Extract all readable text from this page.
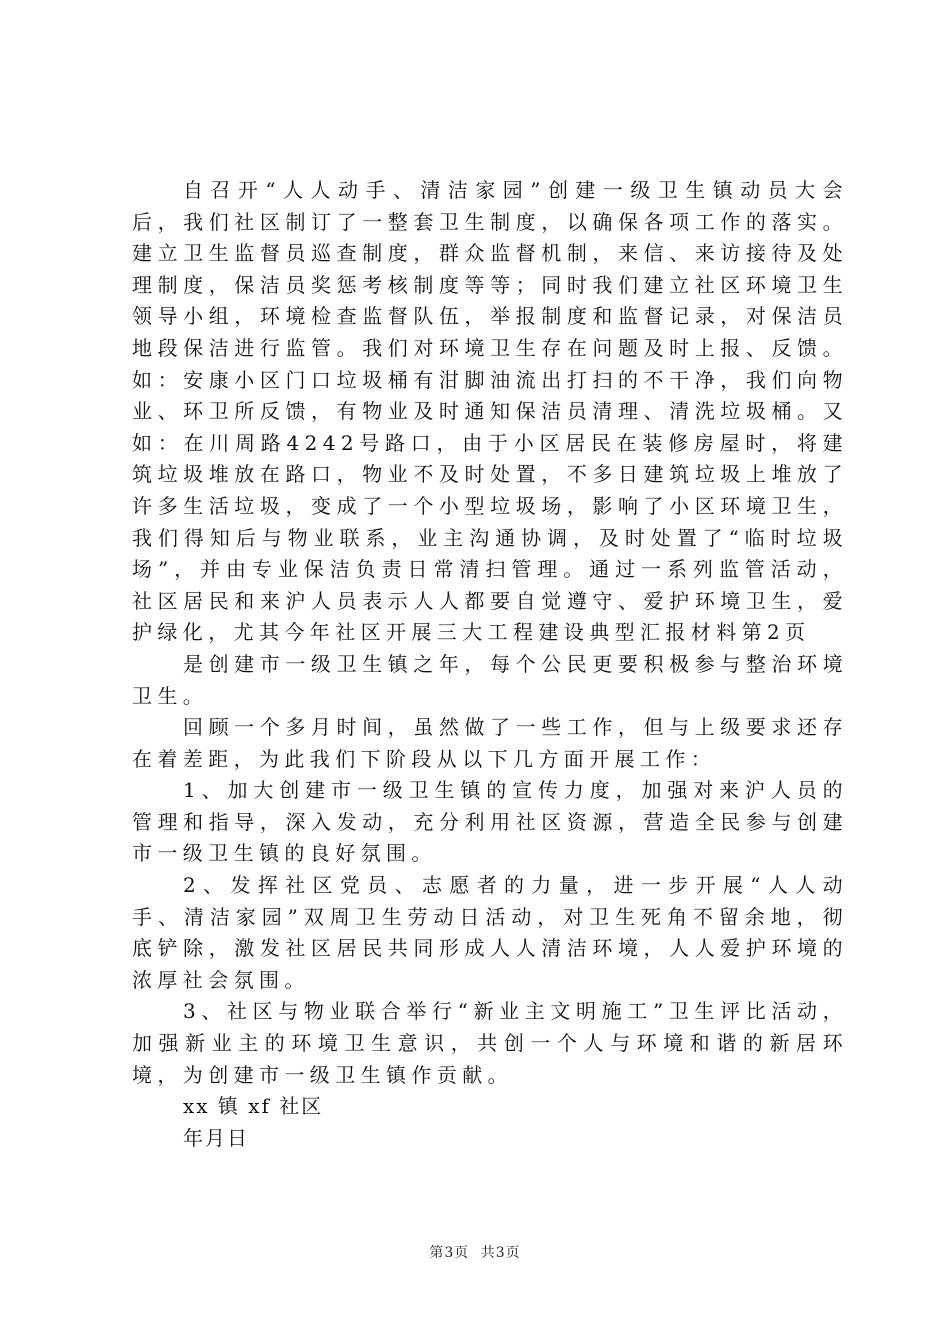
自召开“人人动手、清洁家园”创建一级卫生镇动员大会后，我们社区制订了一整套卫生制度，以确保各项工作的落实。建立卫生监督员巡查制度，群众监督机制，来信、来访接待及处理制度，保洁员奖惩考核制度等等；同时我们建立社区环境卫生领导小组，环境检查监督队伍，举报制度和监督记录，对保洁员地段保洁进行监管。我们对环境卫生存在问题及时上报、反馈。如：安康小区门口垃圾桶有泔脚油流出打扫的不干净，我们向物业、环卫所反馈，有物业及时通知保洁员清理、清洗垃圾桶。又如：在川周路4242号路口，由于小区居民在装修房屋时，将建筑垃圾堆放在路口，物业不及时处置，不多日建筑垃圾上堆放了许多生活垃圾，变成了一个小型垃圾场，影响了小区环境卫生，我们得知后与物业联系，业主沟通协调，及时处置了“临时垃圾场”，并由专业保洁负责日常清扫管理。通过一系列监管活动，社区居民和来沪人员表示人人都要自觉遵守、爱护环境卫生，爱护绿化，尤其今年社区开展三大工程建设典型汇报材料第2页

是创建市一级卫生镇之年，每个公民更要积极参与整治环境卫生。

回顾一个多月时间，虽然做了一些工作，但与上级要求还存在着差距，为此我们下阶段从以下几方面开展工作：

1、加大创建市一级卫生镇的宣传力度，加强对来沪人员的管理和指导，深入发动，充分利用社区资源，营造全民参与创建市一级卫生镇的良好氛围。

2、发挥社区党员、志愿者的力量，进一步开展“人人动手、清洁家园”双周卫生劳动日活动，对卫生死角不留余地，彻底铲除，激发社区居民共同形成人人清洁环境，人人爱护环境的浓厚社会氛围。

3、社区与物业联合举行“新业主文明施工”卫生评比活动，加强新业主的环境卫生意识，共创一个人与环境和谐的新居环境，为创建市一级卫生镇作贡献。

xx 镇 xf 社区

年月日

第3页 共3页
